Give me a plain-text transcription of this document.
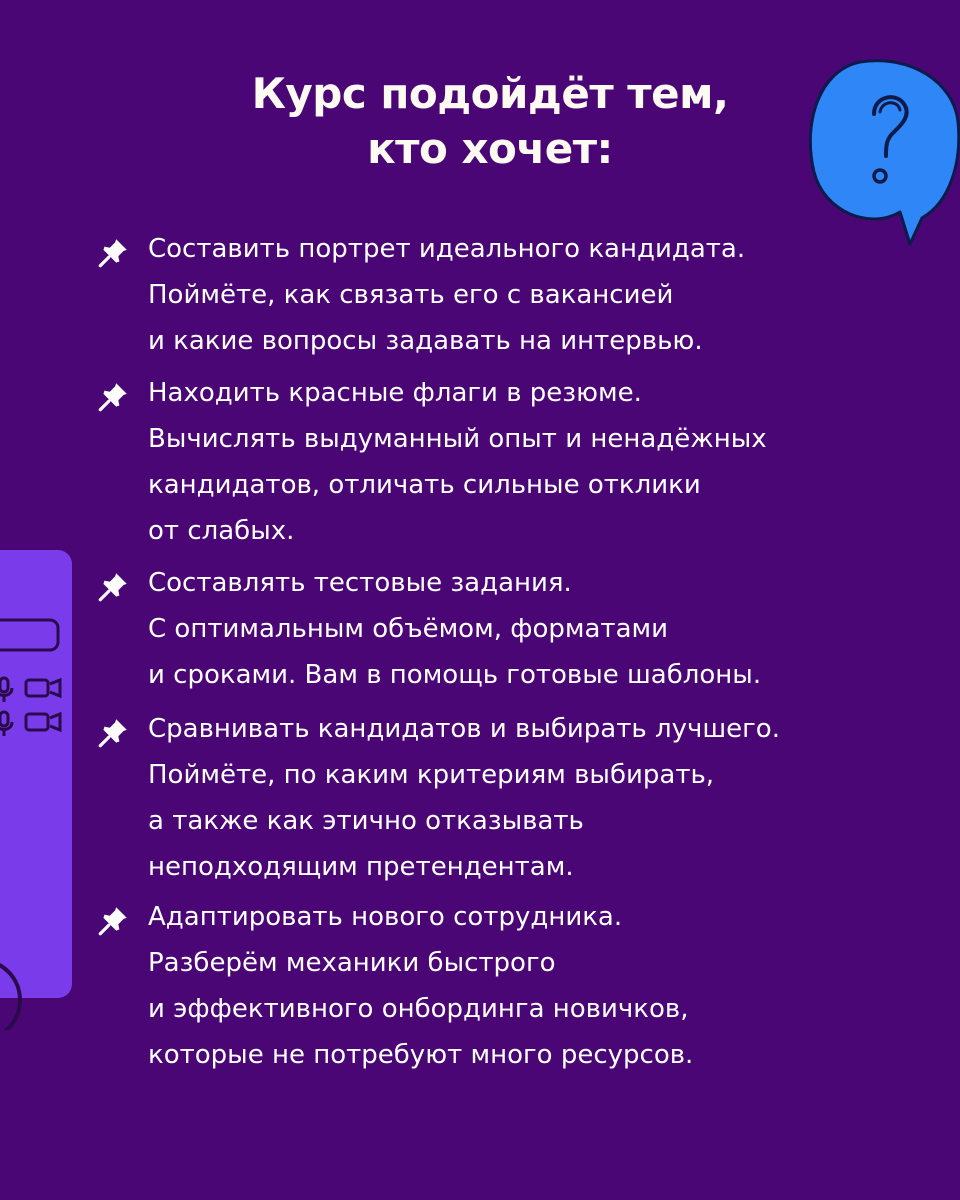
Курс подойдёт тем,
кто хочет:
Составить портрет идеального кандидата.
Поймёте, как связать его с вакансией
и какие вопросы задавать на интервью.
Находить красные флаги в резюме.
Вычислять выдуманный опыт и ненадёжных
кандидатов, отличать сильные отклики
от слабых.
Составлять тестовые задания.
С оптимальным объёмом, форматами
и сроками. Вам в помощь готовые шаблоны.
Сравнивать кандидатов и выбирать лучшего.
Поймёте, по каким критериям выбирать,
а также как этично отказывать
неподходящим претендентам.
Адаптировать нового сотрудника.
Разберём механики быстрого
и эффективного онбординга новичков,
которые не потребуют много ресурсов.
